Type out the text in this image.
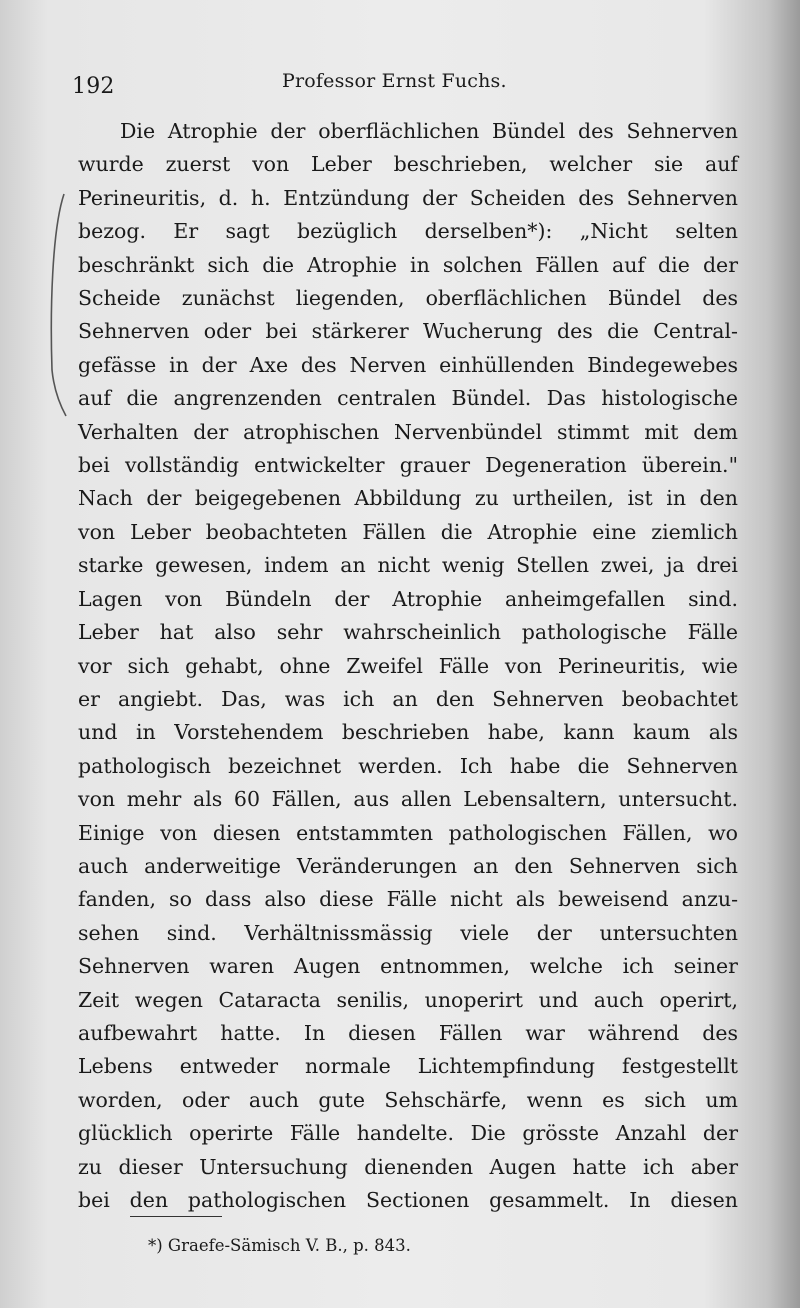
192	Professor Ernst Fuchs.
Die Atrophie der oberflächlichen Bündel des Sehnerven
wurde zuerst von Leber beschrieben, welcher sie auf
Perineuritis, d. h. Entzündung der Scheiden des Sehnerven
bezog. Er sagt bezüglich derselben*): „Nicht selten
beschränkt sich die Atrophie in solchen Fällen auf die der
Scheide zunächst liegenden, oberflächlichen Bündel des
Sehnerven oder bei stärkerer Wucherung des die Central-
gefässe in der Axe des Nerven einhüllenden Bindegewebes
auf die angrenzenden centralen Bündel. Das histologische
Verhalten der atrophischen Nervenbündel stimmt mit dem
bei vollständig entwickelter grauer Degeneration überein."
Nach der beigegebenen Abbildung zu urtheilen, ist in den
von Leber beobachteten Fällen die Atrophie eine ziemlich
starke gewesen, indem an nicht wenig Stellen zwei, ja drei
Lagen von Bündeln der Atrophie anheimgefallen sind.
Leber hat also sehr wahrscheinlich pathologische Fälle
vor sich gehabt, ohne Zweifel Fälle von Perineuritis, wie
er angiebt. Das, was ich an den Sehnerven beobachtet
und in Vorstehendem beschrieben habe, kann kaum als
pathologisch bezeichnet werden. Ich habe die Sehnerven
von mehr als 60 Fällen, aus allen Lebensaltern, untersucht.
Einige von diesen entstammten pathologischen Fällen, wo
auch anderweitige Veränderungen an den Sehnerven sich
fanden, so dass also diese Fälle nicht als beweisend anzu-
sehen sind. Verhältnissmässig viele der untersuchten
Sehnerven waren Augen entnommen, welche ich seiner
Zeit wegen Cataracta senilis, unoperirt und auch operirt,
aufbewahrt hatte. In diesen Fällen war während des
Lebens entweder normale Lichtempfindung festgestellt
worden, oder auch gute Sehschärfe, wenn es sich um
glücklich operirte Fälle handelte. Die grösste Anzahl der
zu dieser Untersuchung dienenden Augen hatte ich aber
bei den pathologischen Sectionen gesammelt. In diesen
*) Graefe-Sämisch V. B., p. 843.
